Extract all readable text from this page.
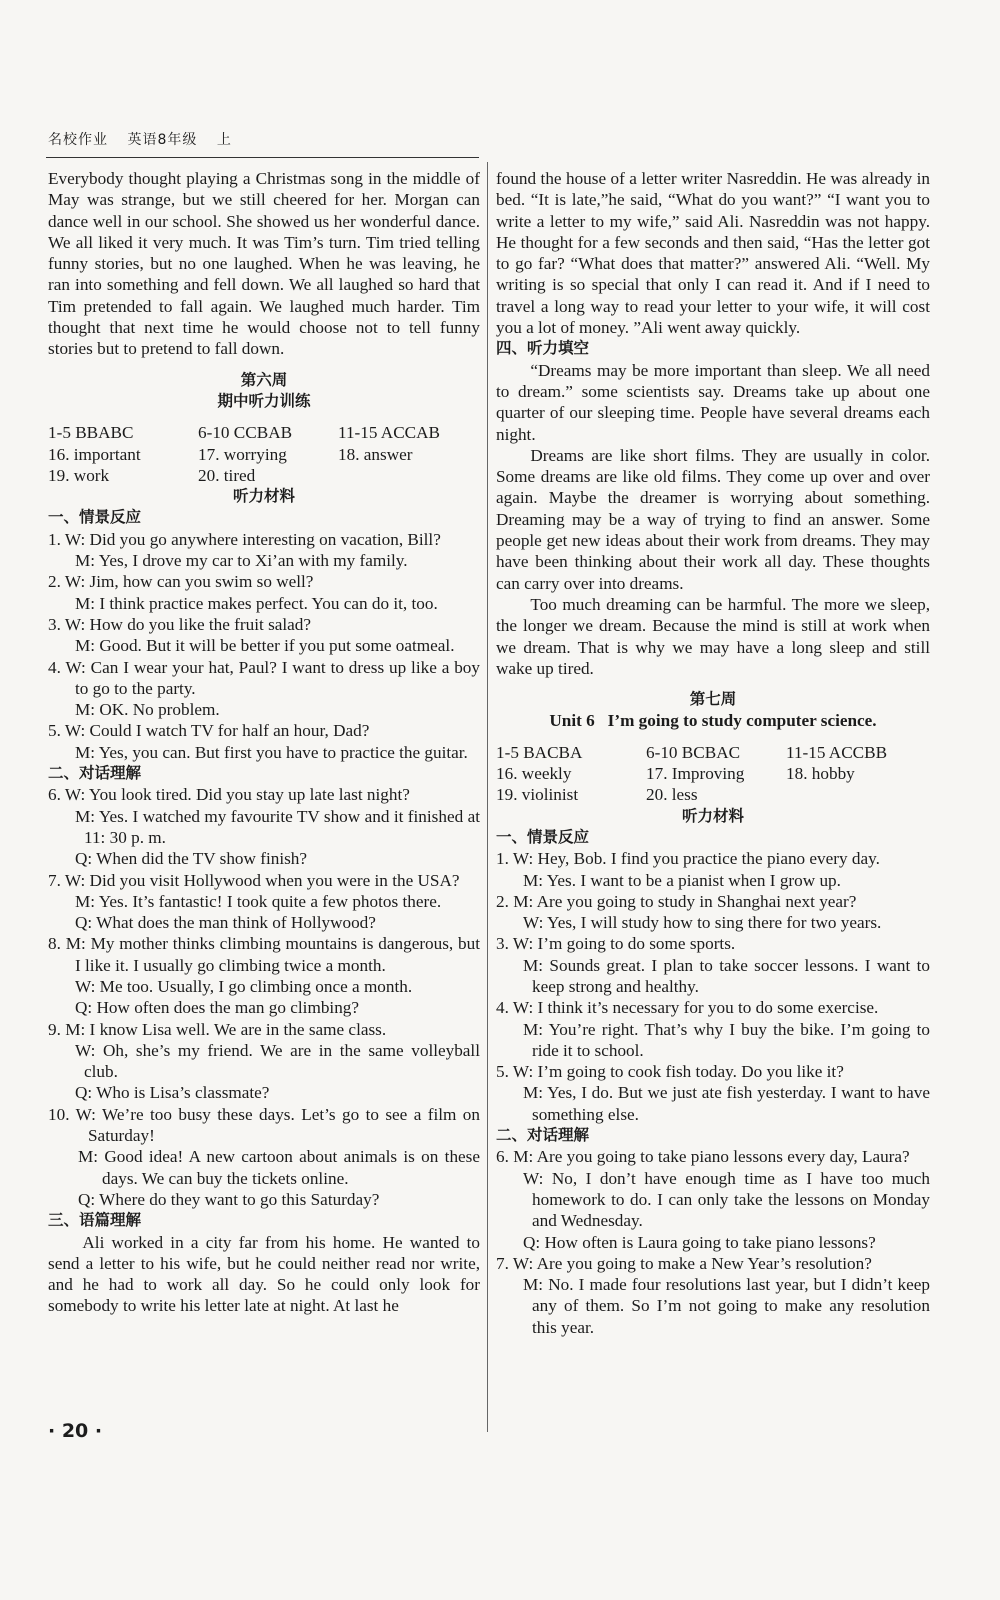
名校作业 英语8年级 上

Everybody thought playing a Christmas song in the middle of May was strange, but we still cheered for her. Morgan can dance well in our school. She showed us her wonderful dance. We all liked it very much. It was Tim’s turn. Tim tried telling funny stories, but no one laughed. When he was leaving, he ran into something and fell down. We all laughed so hard that Tim pretended to fall again. We laughed much harder. Tim thought that next time he would choose not to tell funny stories but to pretend to fall down.

第六周

期中听力训练

1-5 BBABC	6-10 CCBAB	11-15 ACCAB
16. important	17. worrying	18. answer
19. work	20. tired

听力材料

一、情景反应

1. W: Did you go anywhere interesting on vacation, Bill?

M: Yes, I drove my car to Xi’an with my family.

2. W: Jim, how can you swim so well?

M: I think practice makes perfect. You can do it, too.

3. W: How do you like the fruit salad?

M: Good. But it will be better if you put some oatmeal.

4. W: Can I wear your hat, Paul? I want to dress up like a boy to go to the party.

M: OK. No problem.

5. W: Could I watch TV for half an hour, Dad?

M: Yes, you can. But first you have to practice the guitar.

二、对话理解

6. W: You look tired. Did you stay up late last night?

M: Yes. I watched my favourite TV show and it finished at 11: 30 p. m.

Q: When did the TV show finish?

7. W: Did you visit Hollywood when you were in the USA?

M: Yes. It’s fantastic! I took quite a few photos there.

Q: What does the man think of Hollywood?

8. M: My mother thinks climbing mountains is dangerous, but I like it. I usually go climbing twice a month.

W: Me too. Usually, I go climbing once a month.

Q: How often does the man go climbing?

9. M: I know Lisa well. We are in the same class.

W: Oh, she’s my friend. We are in the same volleyball club.

Q: Who is Lisa’s classmate?

10. W: We’re too busy these days. Let’s go to see a film on Saturday!

M: Good idea! A new cartoon about animals is on these days. We can buy the tickets online.

Q: Where do they want to go this Saturday?

三、语篇理解

Ali worked in a city far from his home. He wanted to send a letter to his wife, but he could neither read nor write, and he had to work all day. So he could only look for somebody to write his letter late at night. At last he

found the house of a letter writer Nasreddin. He was already in bed. “It is late,”he said, “What do you want?” “I want you to write a letter to my wife,” said Ali. Nasreddin was not happy. He thought for a few seconds and then said, “Has the letter got to go far? “What does that matter?” answered Ali. “Well. My writing is so special that only I can read it. And if I need to travel a long way to read your letter to your wife, it will cost you a lot of money. ”Ali went away quickly.

四、听力填空

“Dreams may be more important than sleep. We all need to dream.” some scientists say. Dreams take up about one quarter of our sleeping time. People have several dreams each night.

Dreams are like short films. They are usually in color. Some dreams are like old films. They come up over and over again. Maybe the dreamer is worrying about something. Dreaming may be a way of trying to find an answer. Some people get new ideas about their work from dreams. They may have been thinking about their work all day. These thoughts can carry over into dreams.

Too much dreaming can be harmful. The more we sleep, the longer we dream. Because the mind is still at work when we dream. That is why we may have a long sleep and still wake up tired.

第七周

Unit 6 I’m going to study computer science.

1-5 BACBA	6-10 BCBAC	11-15 ACCBB
16. weekly	17. Improving	18. hobby
19. violinist	20. less

听力材料

一、情景反应

1. W: Hey, Bob. I find you practice the piano every day.

M: Yes. I want to be a pianist when I grow up.

2. M: Are you going to study in Shanghai next year?

W: Yes, I will study how to sing there for two years.

3. W: I’m going to do some sports.

M: Sounds great. I plan to take soccer lessons. I want to keep strong and healthy.

4. W: I think it’s necessary for you to do some exercise.

M: You’re right. That’s why I buy the bike. I’m going to ride it to school.

5. W: I’m going to cook fish today. Do you like it?

M: Yes, I do. But we just ate fish yesterday. I want to have something else.

二、对话理解

6. M: Are you going to take piano lessons every day, Laura?

W: No, I don’t have enough time as I have too much homework to do. I can only take the lessons on Monday and Wednesday.

Q: How often is Laura going to take piano lessons?

7. W: Are you going to make a New Year’s resolution?

M: No. I made four resolutions last year, but I didn’t keep any of them. So I’m not going to make any resolution this year.

· 20 ·
